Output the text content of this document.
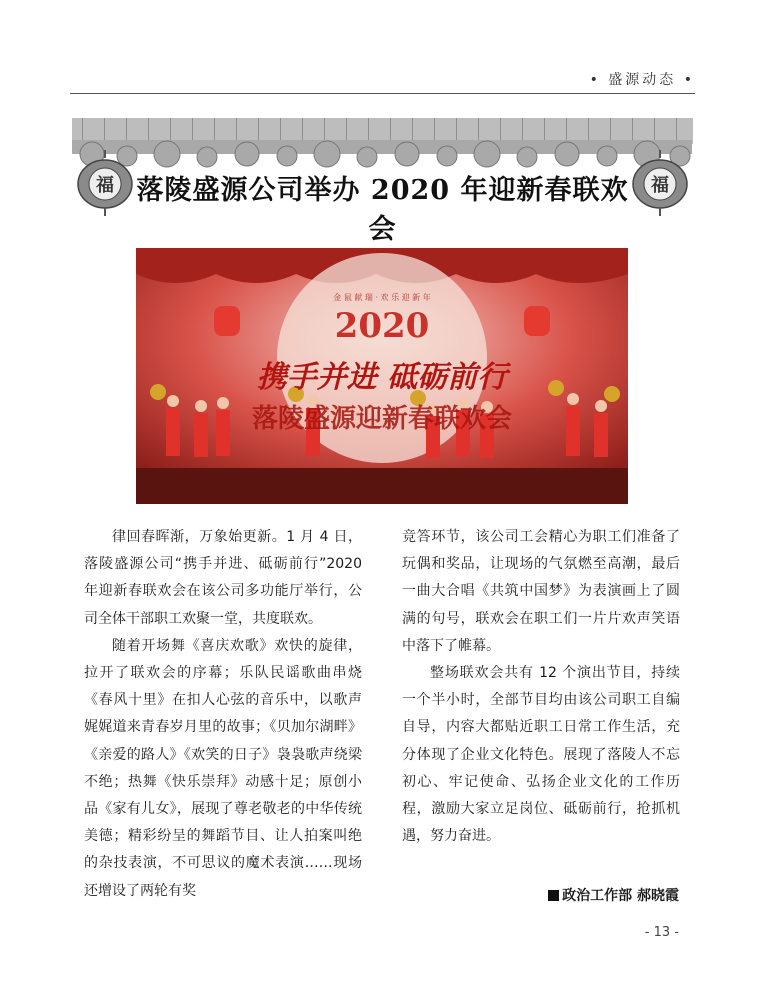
• 盛源动态 •
福	福
落陵盛源公司举办 2020 年迎新春联欢会
金 鼠 献 瑞 · 欢 乐 迎 新 年
2020
携手并进 砥砺前行
落陵盛源迎新春联欢会

律回春晖渐，万象始更新。1 月 4 日，落陵盛源公司“携手并进、砥砺前行”2020 年迎新春联欢会在该公司多功能厅举行，公司全体干部职工欢聚一堂，共度联欢。

随着开场舞《喜庆欢歌》欢快的旋律，拉开了联欢会的序幕；乐队民谣歌曲串烧《春风十里》在扣人心弦的音乐中，以歌声娓娓道来青春岁月里的故事；《贝加尔湖畔》《亲爱的路人》《欢笑的日子》袅袅歌声绕梁不绝；热舞《快乐崇拜》动感十足；原创小品《家有儿女》，展现了尊老敬老的中华传统美德；精彩纷呈的舞蹈节目、让人拍案叫绝的杂技表演，不可思议的魔术表演……现场还增设了两轮有奖

竞答环节，该公司工会精心为职工们准备了玩偶和奖品，让现场的气氛燃至高潮，最后一曲大合唱《共筑中国梦》为表演画上了圆满的句号，联欢会在职工们一片片欢声笑语中落下了帷幕。

整场联欢会共有 12 个演出节目，持续一个半小时，全部节目均由该公司职工自编自导，内容大都贴近职工日常工作生活，充分体现了企业文化特色。展现了落陵人不忘初心、牢记使命、弘扬企业文化的工作历程，激励大家立足岗位、砥砺前行，抢抓机遇，努力奋进。

政治工作部 郝晓霞
- 13 -
